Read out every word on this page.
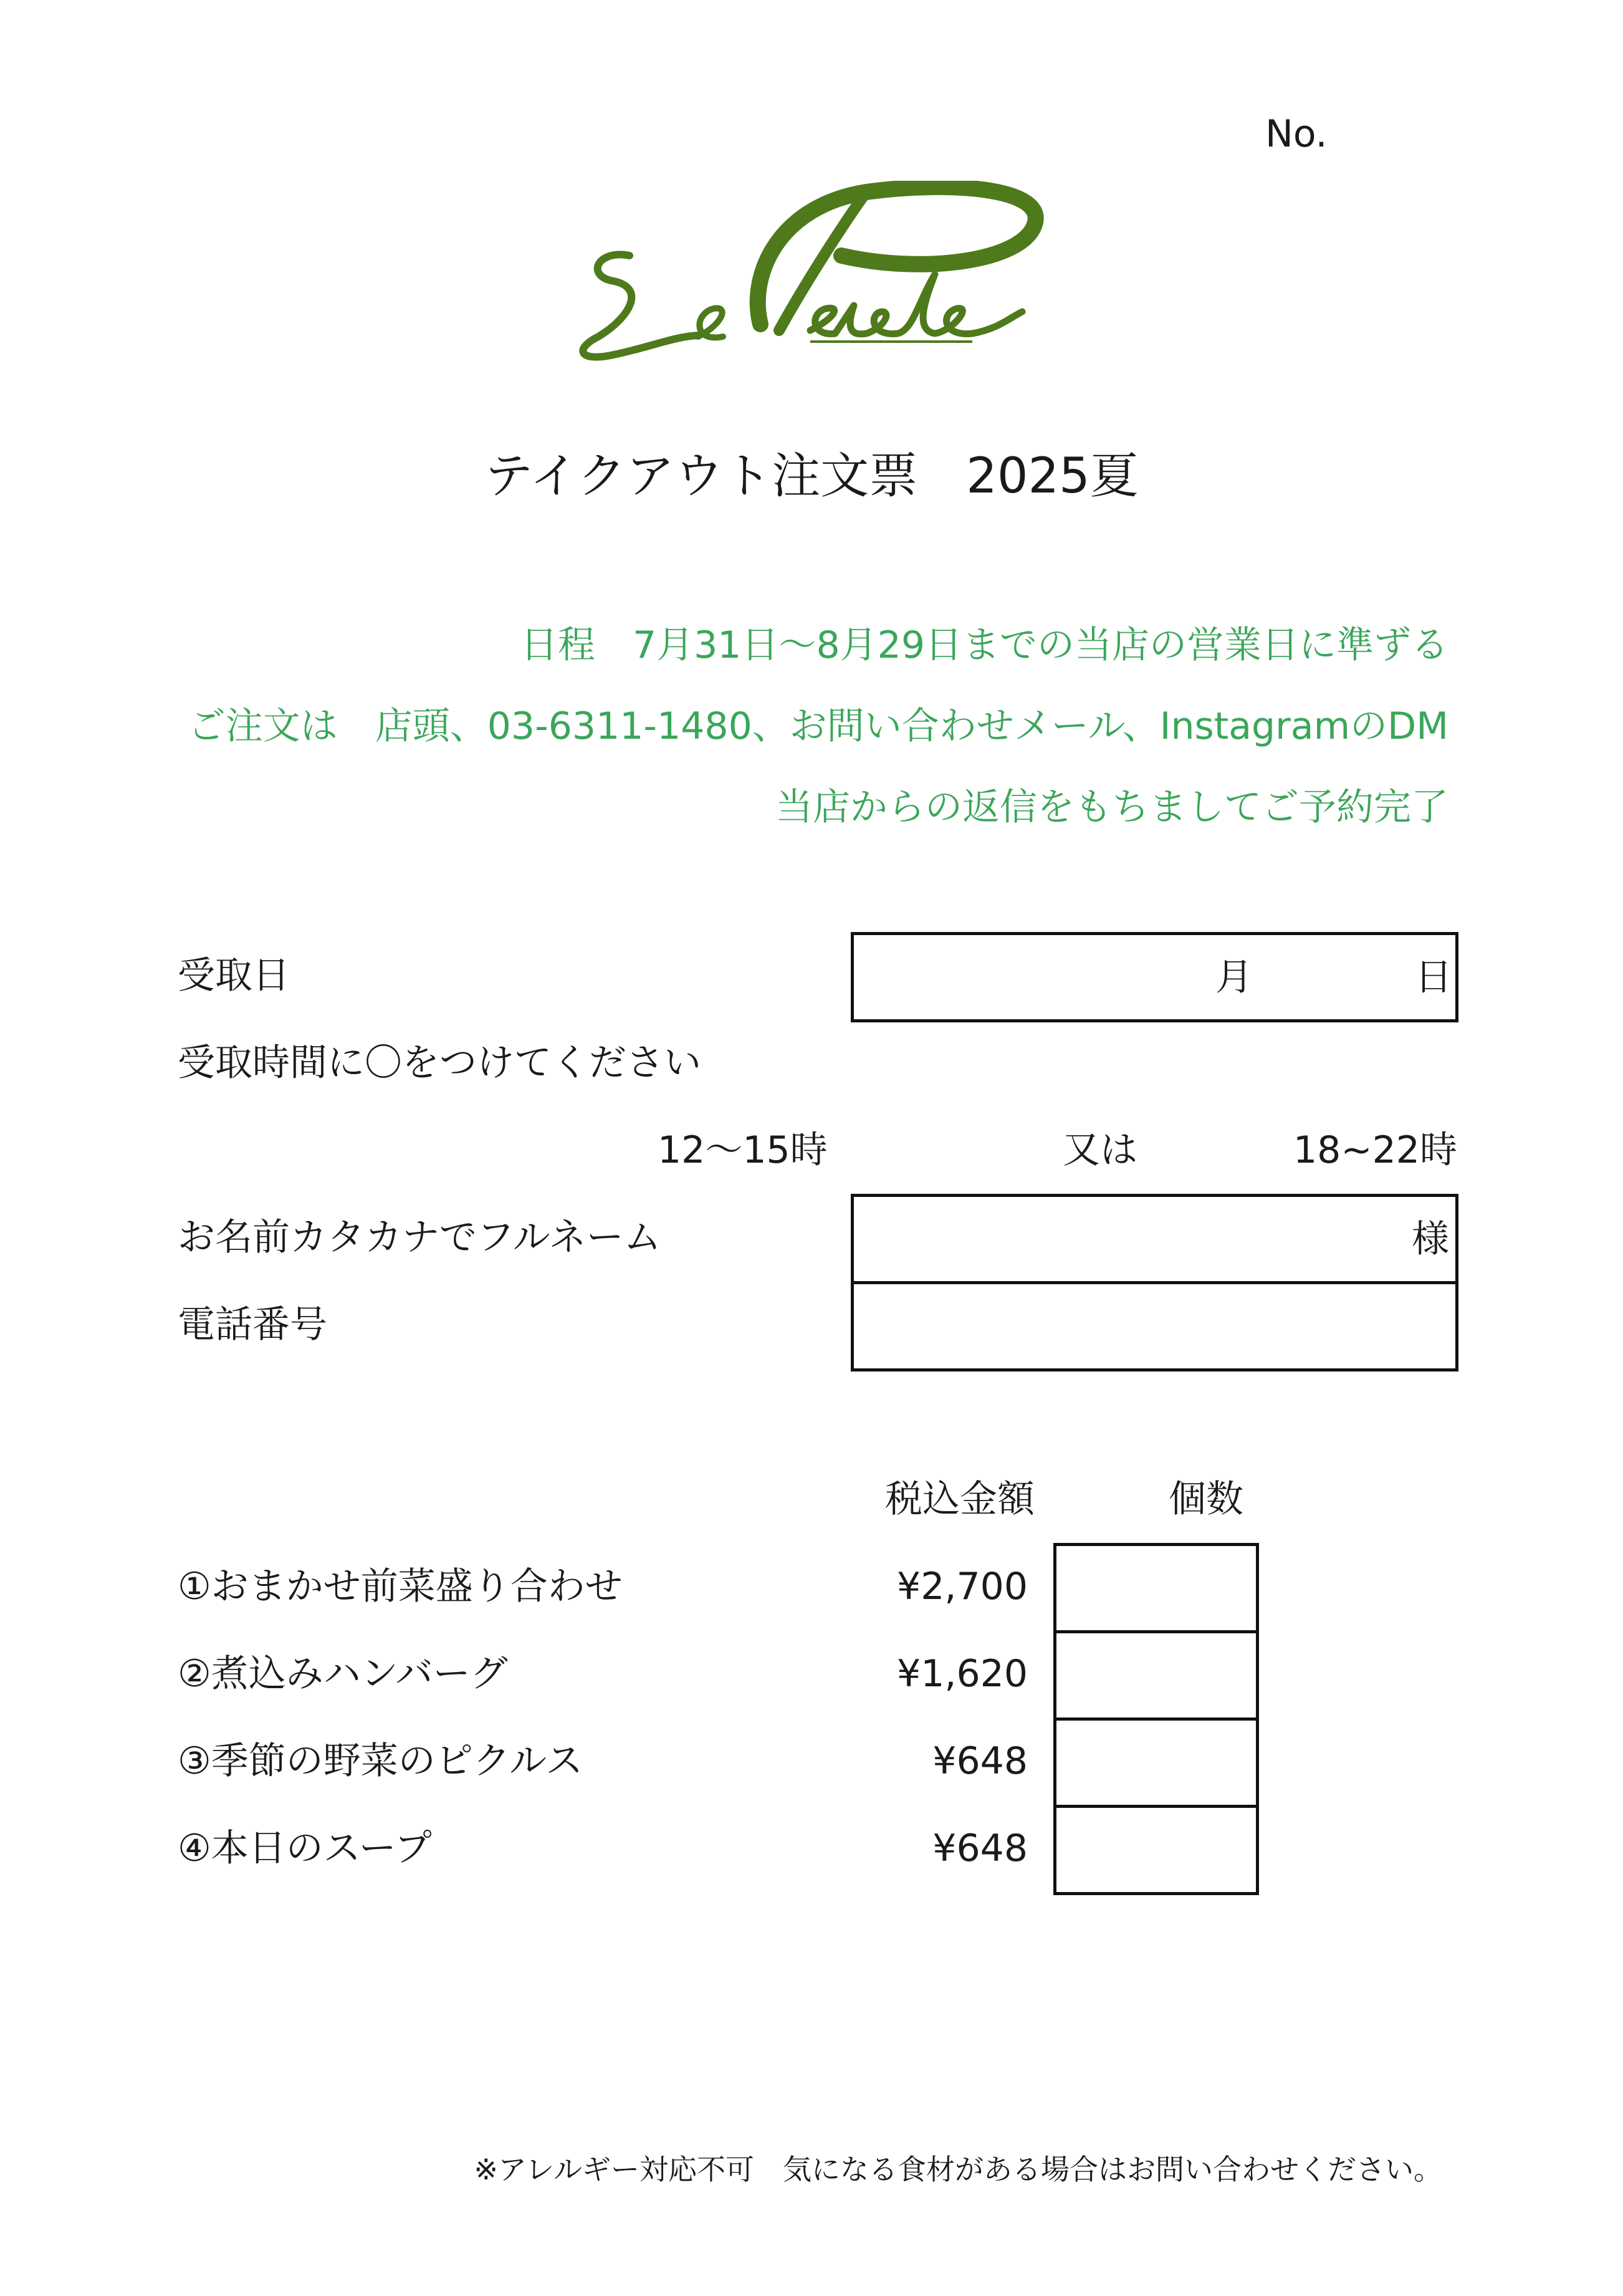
No.
テイクアウト注文票　2025夏
日程　7月31日〜8月29日までの当店の営業日に準ずる
ご注文は　店頭、03-6311-1480、お問い合わせメール、InstagramのDM
当店からの返信をもちましてご予約完了
受取日	月	日
受取時間に〇をつけてください
12〜15時	又は	18~22時
お名前カタカナでフルネーム	様
電話番号
税込金額	個数
①おまかせ前菜盛り合わせ	¥2,700
②煮込みハンバーグ	¥1,620
③季節の野菜のピクルス	¥648
④本日のスープ	¥648
※アレルギー対応不可　気になる食材がある場合はお問い合わせください。
